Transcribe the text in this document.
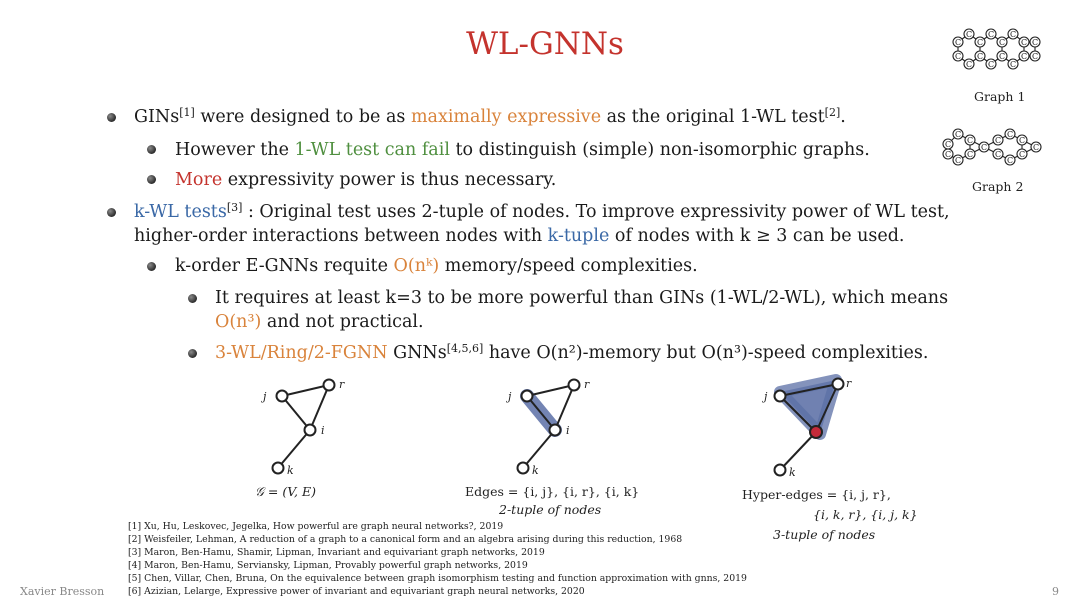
WL-GNNs	C
C
C
C
C
C
C
C
C
C
C
C
C
C
C
C
Graph 1
C
C
C
C
C
C
C
C
C
C
C
C
C
C
Graph 2
GINs[1] were designed to be as maximally expressive as the original 1-WL test[2].
However the 1-WL test can fail to distinguish (simple) non-isomorphic graphs.
More expressivity power is thus necessary.
k-WL tests[3] : Original test uses 2-tuple of nodes. To improve expressivity power of WL test,
higher-order interactions between nodes with k-tuple of nodes with k ≥ 3 can be used.
k-order E-GNNs requite O(nᵏ) memory/speed complexities.
It requires at least k=3 to be more powerful than GINs (1-WL/2-WL), which means
O(n³) and not practical.
3-WL/Ring/2-FGNN GNNs[4,5,6] have O(n²)-memory but O(n³)-speed complexities.
j
r
i
k
𝒢 = (V, E)
j
r
i
k
Edges = {i, j}, {i, r}, {i, k}
2-tuple of nodes
j
r
k
Hyper-edges = {i, j, r},
{i, k, r}, {i, j, k}
3-tuple of nodes
[1] Xu, Hu, Leskovec, Jegelka, How powerful are graph neural networks?, 2019
[2] Weisfeiler, Lehman, A reduction of a graph to a canonical form and an algebra arising during this reduction, 1968
[3] Maron, Ben-Hamu, Shamir, Lipman, Invariant and equivariant graph networks, 2019
[4] Maron, Ben-Hamu, Serviansky, Lipman, Provably powerful graph networks, 2019
[5] Chen, Villar, Chen, Bruna, On the equivalence between graph isomorphism testing and function approximation with gnns, 2019
[6] Azizian, Lelarge, Expressive power of invariant and equivariant graph neural networks, 2020
Xavier Bresson	9
